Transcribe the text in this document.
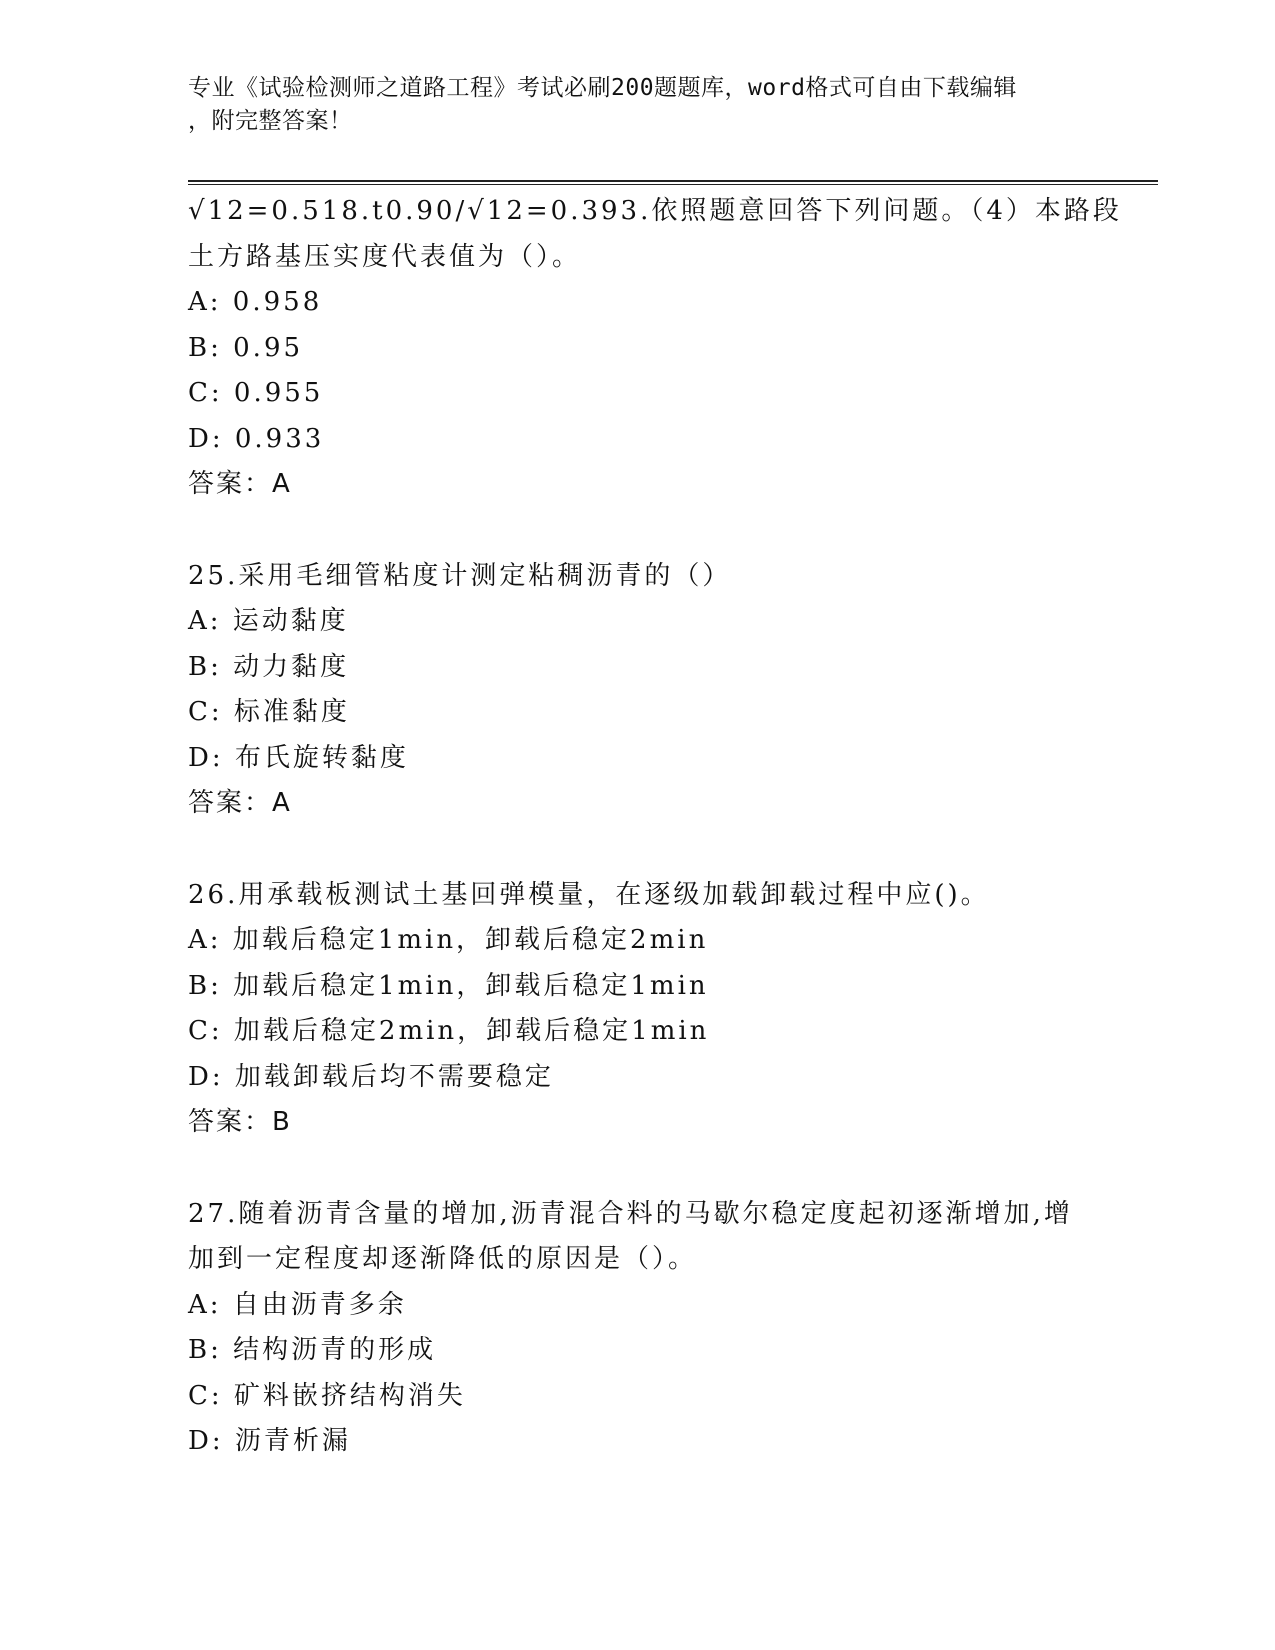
专业《试验检测师之道路工程》考试必刷200题题库，word格式可自由下载编辑
，附完整答案！
√12=0.518.t0.90/√12=0.393.依照题意回答下列问题。（4）本路段
土方路基压实度代表值为（）。
A: 0.958
B: 0.95
C: 0.955
D: 0.933
答案：A
25.采用毛细管粘度计测定粘稠沥青的（）
A: 运动黏度
B: 动力黏度
C: 标准黏度
D: 布氏旋转黏度
答案：A
26.用承载板测试土基回弹模量，在逐级加载卸载过程中应()。
A: 加载后稳定1min，卸载后稳定2min
B: 加载后稳定1min，卸载后稳定1min
C: 加载后稳定2min，卸载后稳定1min
D: 加载卸载后均不需要稳定
答案：B
27.随着沥青含量的增加,沥青混合料的马歇尔稳定度起初逐渐增加,增
加到一定程度却逐渐降低的原因是（）。
A: 自由沥青多余
B: 结构沥青的形成
C: 矿料嵌挤结构消失
D: 沥青析漏
